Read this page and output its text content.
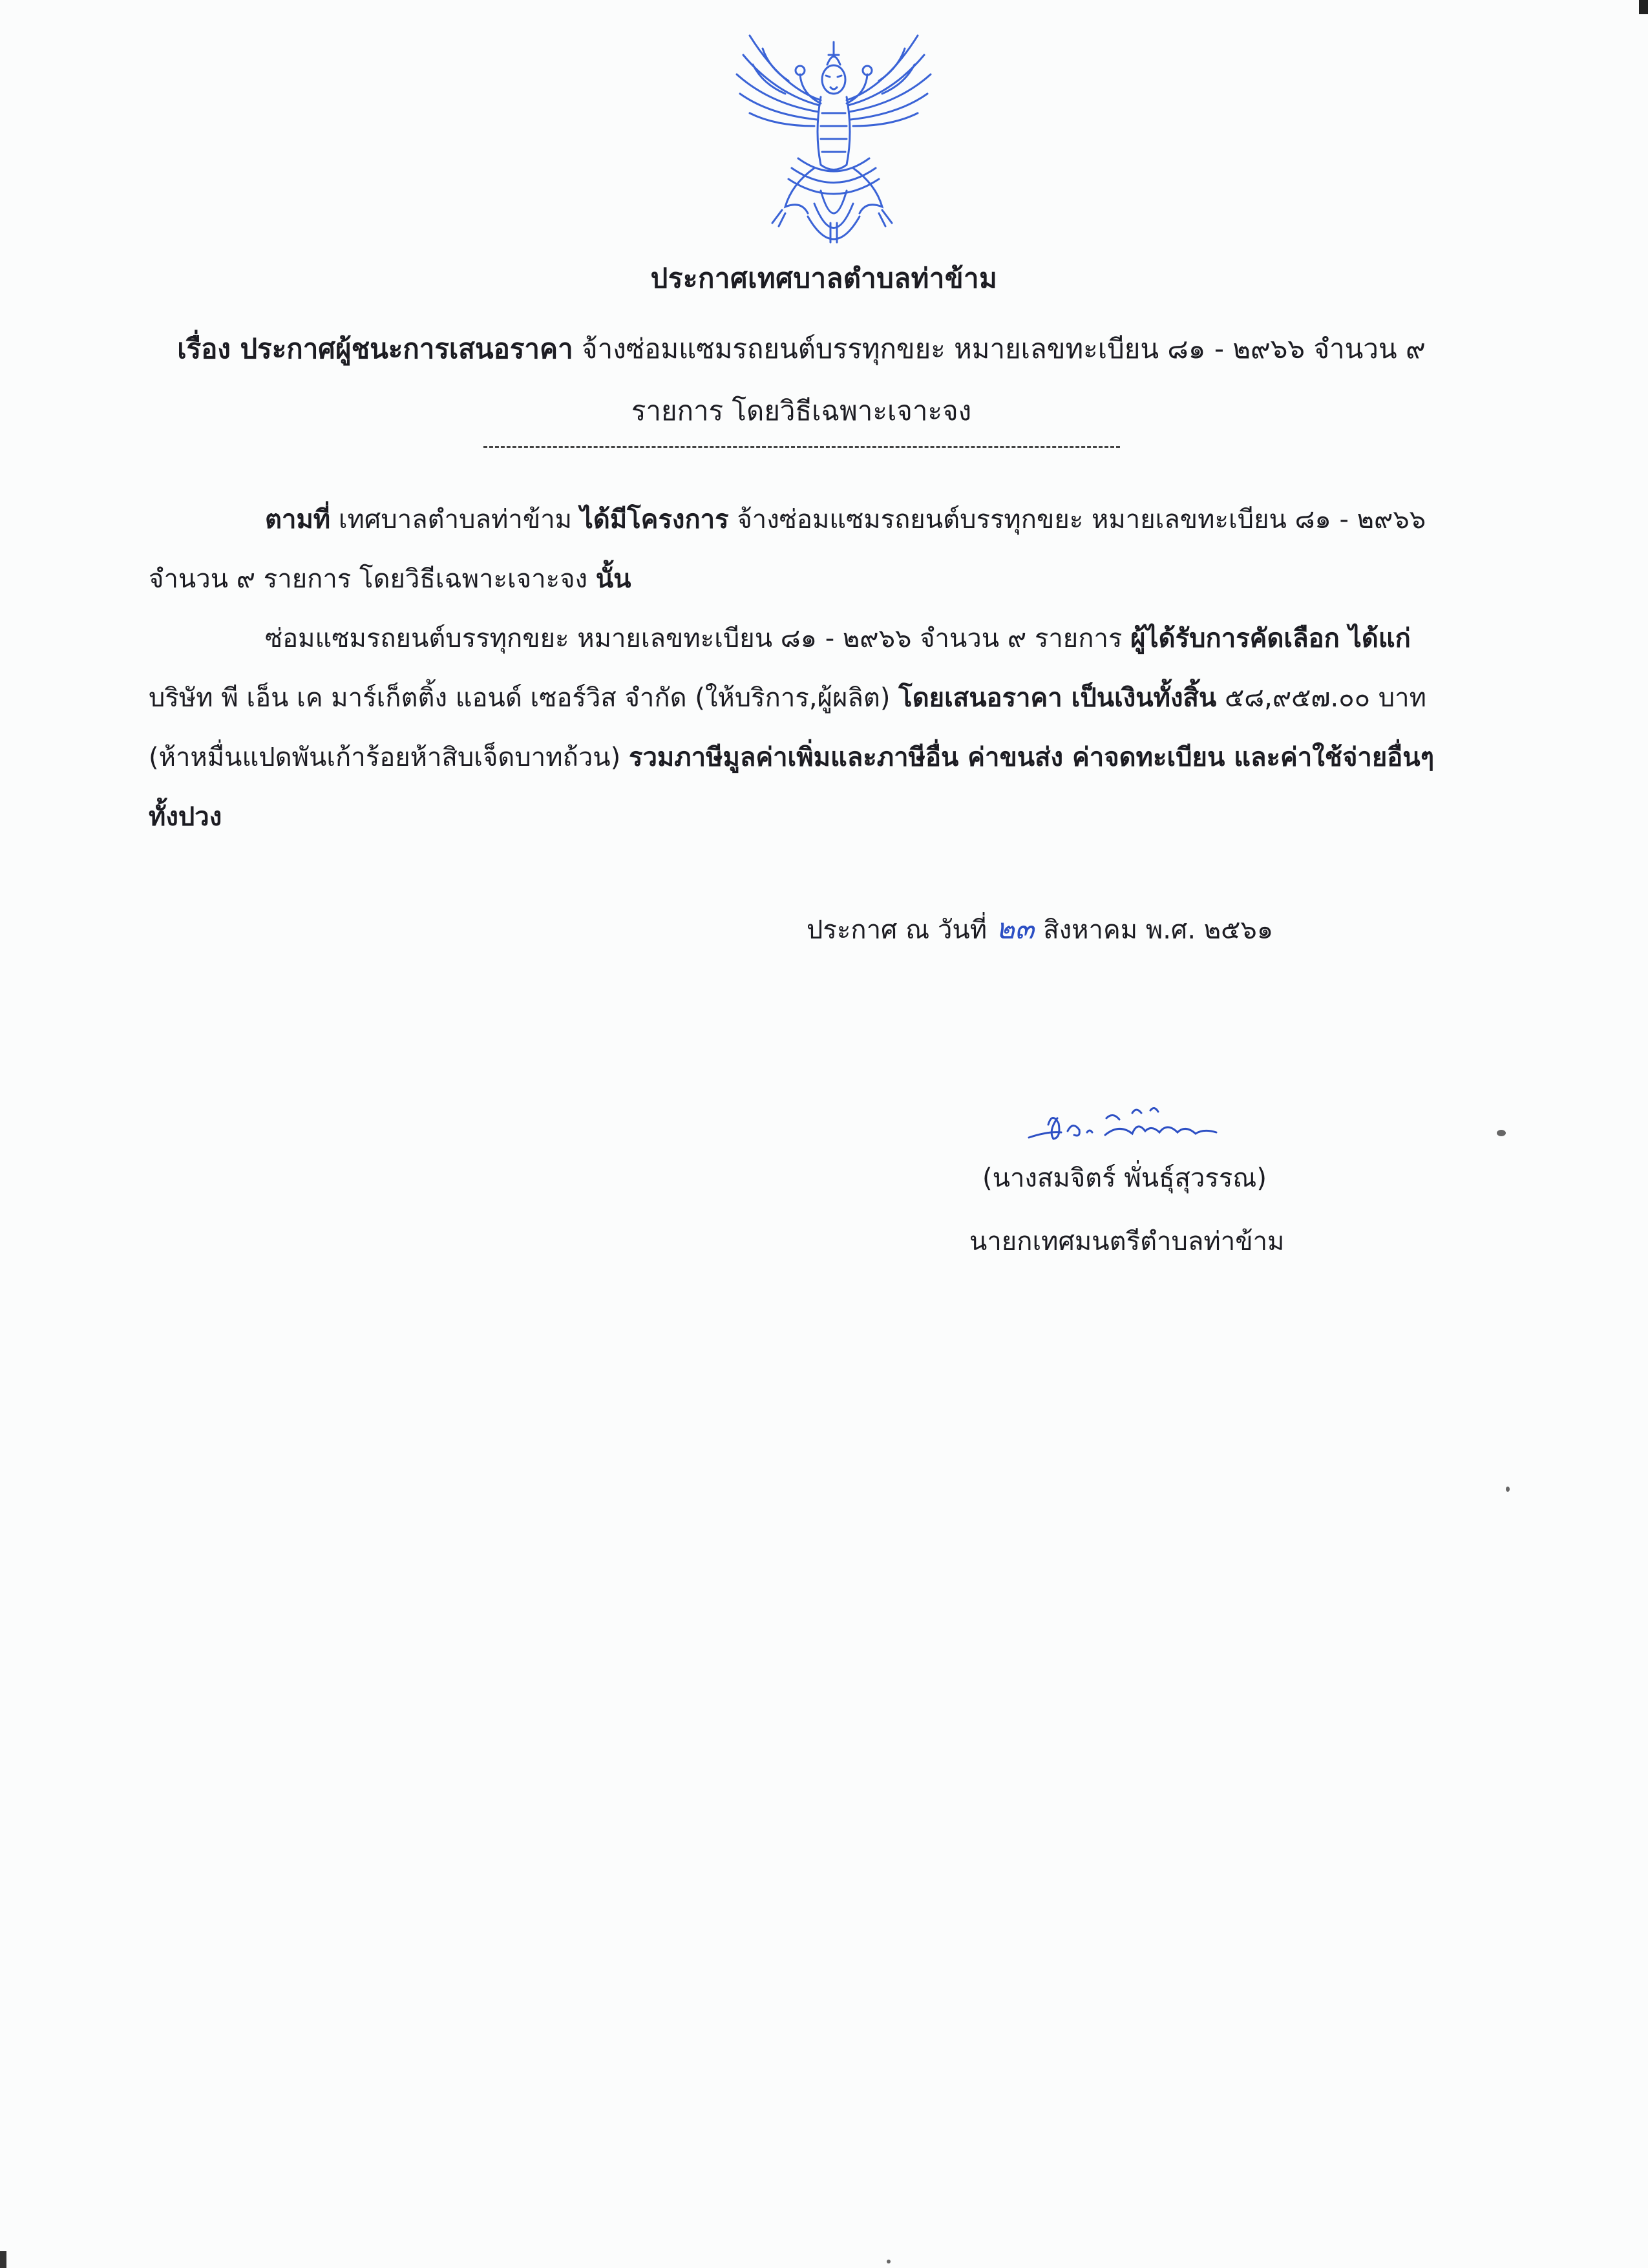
ประกาศเทศบาลตำบลท่าข้าม
เรื่อง ประกาศผู้ชนะการเสนอราคา จ้างซ่อมแซมรถยนต์บรรทุกขยะ หมายเลขทะเบียน ๘๑ - ๒๙๖๖ จำนวน ๙ รายการ โดยวิธีเฉพาะเจาะจง
ตามที่ เทศบาลตำบลท่าข้าม ได้มีโครงการ จ้างซ่อมแซมรถยนต์บรรทุกขยะ หมายเลขทะเบียน ๘๑ - ๒๙๖๖ จำนวน ๙ รายการ โดยวิธีเฉพาะเจาะจง นั้น
ซ่อมแซมรถยนต์บรรทุกขยะ หมายเลขทะเบียน ๘๑ - ๒๙๖๖ จำนวน ๙ รายการ ผู้ได้รับการคัดเลือก ได้แก่ บริษัท พี เอ็น เค มาร์เก็ตติ้ง แอนด์ เซอร์วิส จำกัด (ให้บริการ,ผู้ผลิต) โดยเสนอราคา เป็นเงินทั้งสิ้น ๕๘,๙๕๗.๐๐ บาท (ห้าหมื่นแปดพันเก้าร้อยห้าสิบเจ็ดบาทถ้วน) รวมภาษีมูลค่าเพิ่มและภาษีอื่น ค่าขนส่ง ค่าจดทะเบียน และค่าใช้จ่ายอื่นๆ ทั้งปวง
ประกาศ ณ วันที่ ๒๓ สิงหาคม พ.ศ. ๒๕๖๑
(นางสมจิตร์ พั่นธุ์สุวรรณ)
นายกเทศมนตรีตำบลท่าข้าม
